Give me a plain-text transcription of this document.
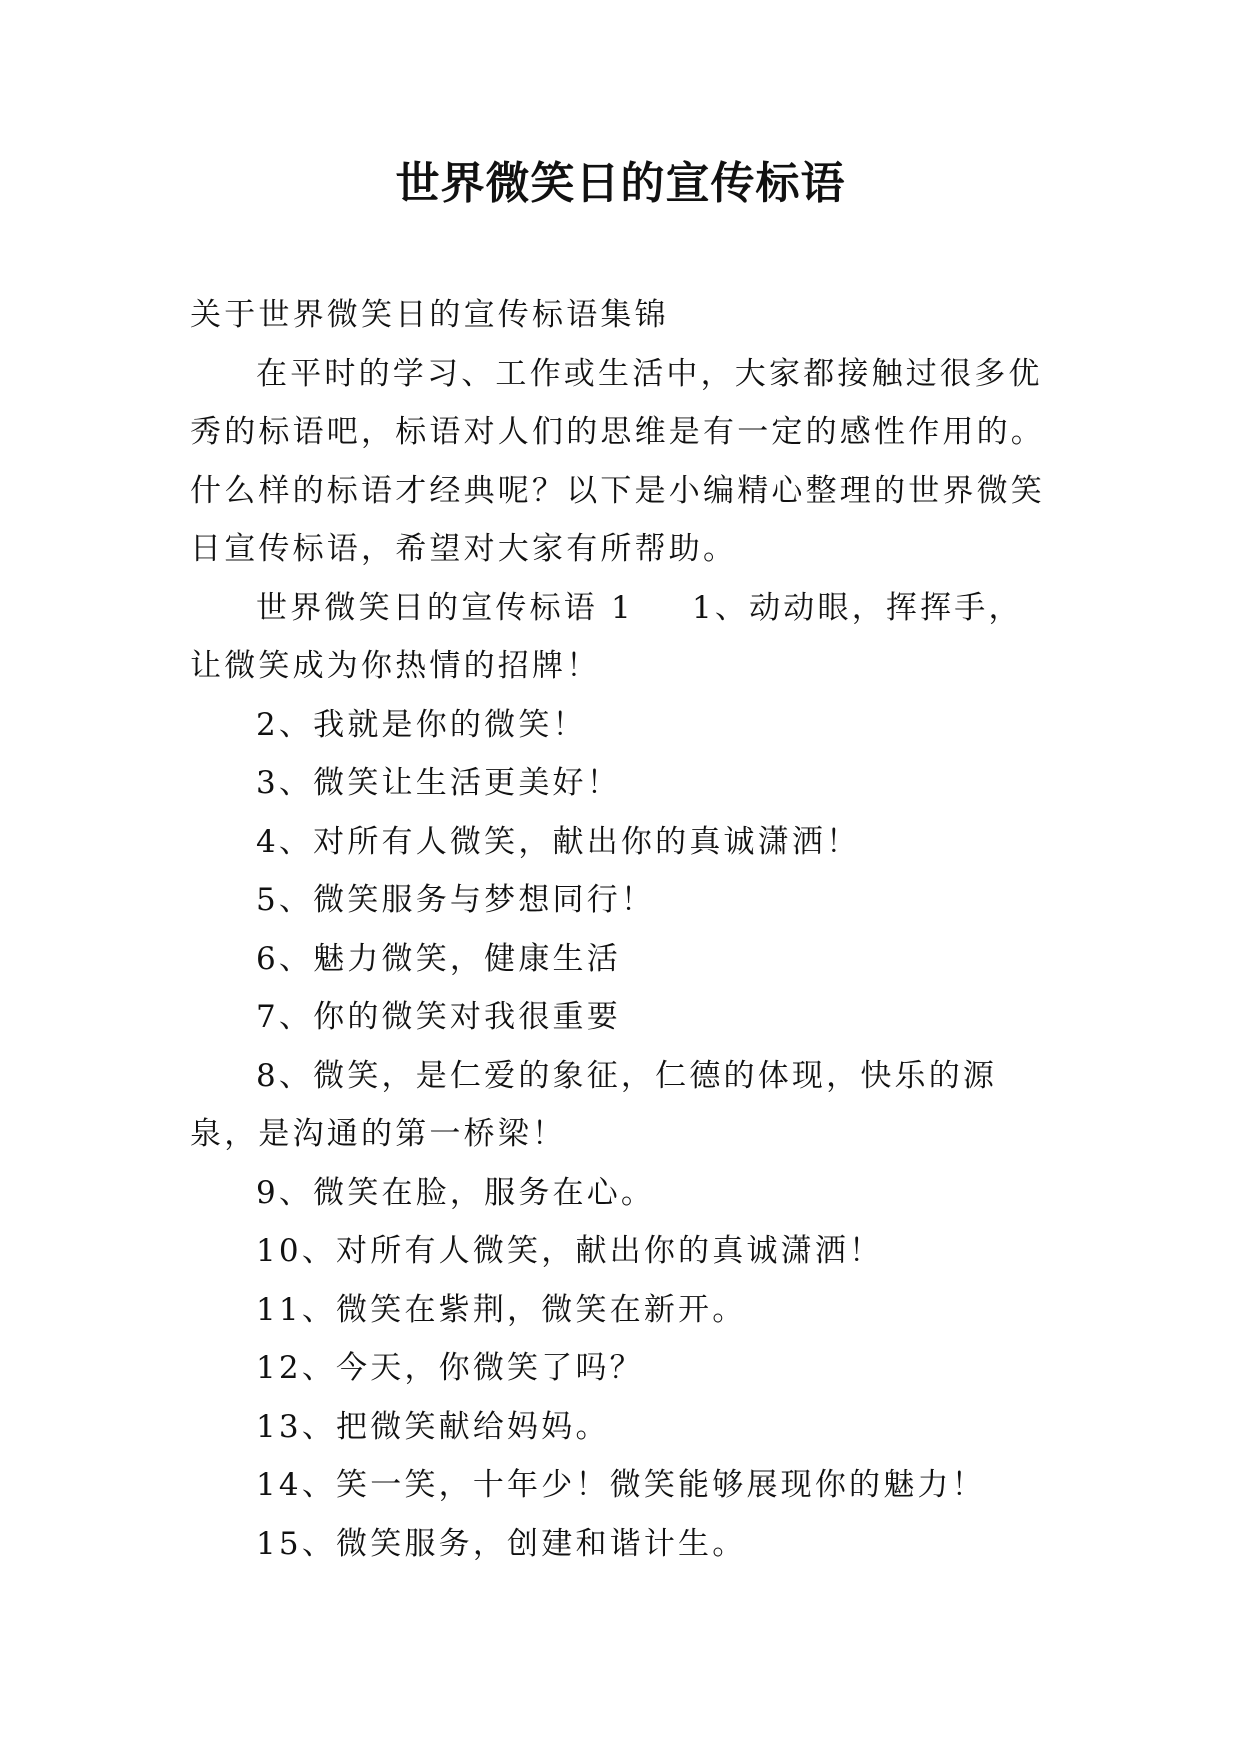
世界微笑日的宣传标语

关于世界微笑日的宣传标语集锦

在平时的学习、工作或生活中，大家都接触过很多优秀的标语吧，标语对人们的思维是有一定的感性作用的。什么样的标语才经典呢？以下是小编精心整理的世界微笑日宣传标语，希望对大家有所帮助。

世界微笑日的宣传标语 1 1、动动眼，挥挥手，让微笑成为你热情的招牌！

2、我就是你的微笑！

3、微笑让生活更美好！

4、对所有人微笑，献出你的真诚潇洒！

5、微笑服务与梦想同行！

6、魅力微笑，健康生活

7、你的微笑对我很重要

8、微笑，是仁爱的象征，仁德的体现，快乐的源泉，是沟通的第一桥梁！

9、微笑在脸，服务在心。

10、对所有人微笑，献出你的真诚潇洒！

11、微笑在紫荆，微笑在新开。

12、今天，你微笑了吗？

13、把微笑献给妈妈。

14、笑一笑，十年少！微笑能够展现你的魅力！

15、微笑服务，创建和谐计生。
